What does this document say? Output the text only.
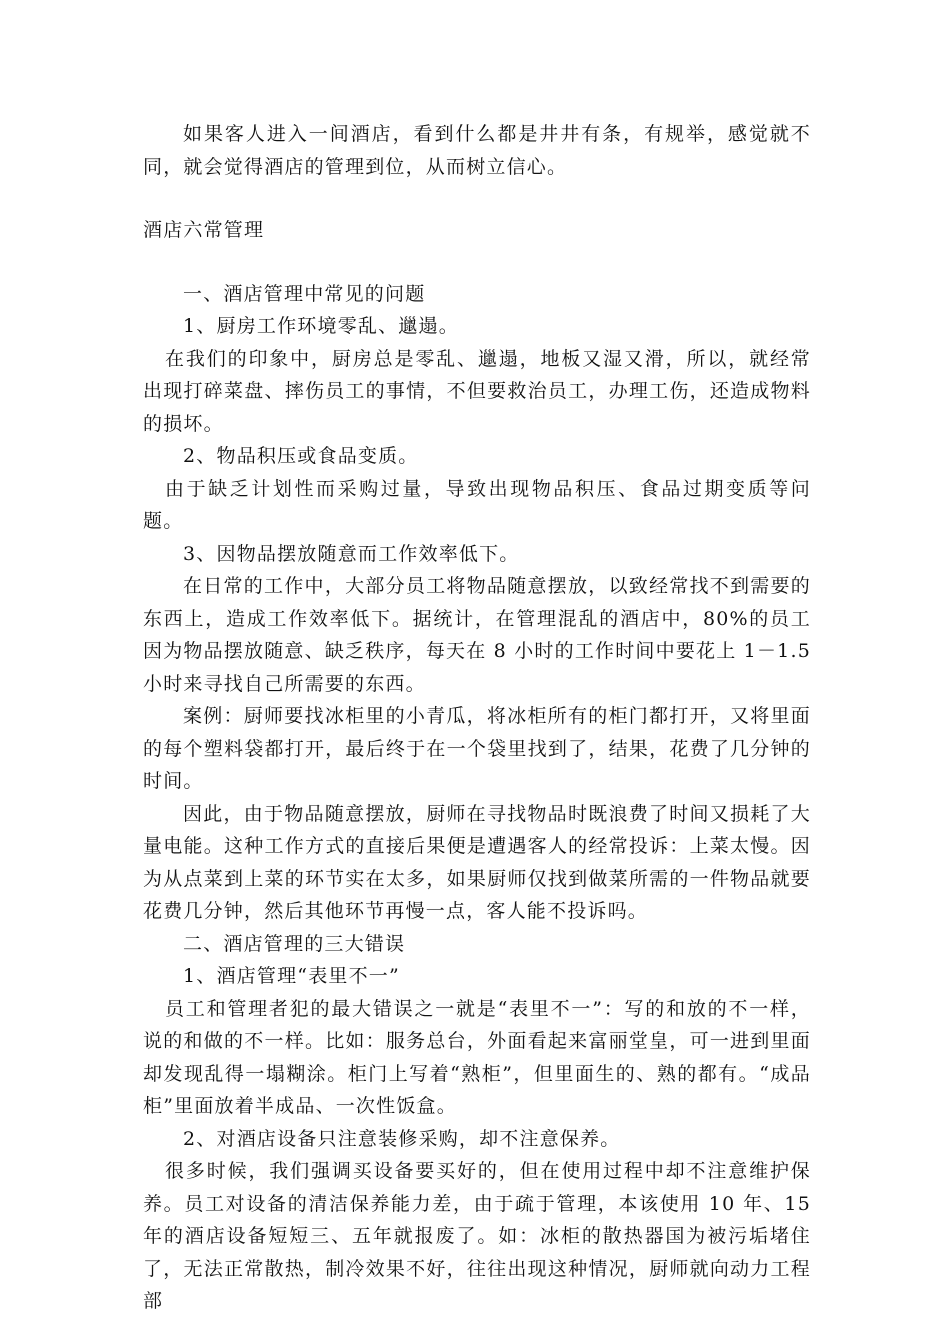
如果客人进入一间酒店，看到什么都是井井有条，有规举，感觉就不同，就会觉得酒店的管理到位，从而树立信心。

酒店六常管理

一、酒店管理中常见的问题

1、厨房工作环境零乱、邋遢。

在我们的印象中，厨房总是零乱、邋遢，地板又湿又滑，所以，就经常出现打碎菜盘、摔伤员工的事情，不但要救治员工，办理工伤，还造成物料的损坏。

2、物品积压或食品变质。

由于缺乏计划性而采购过量，导致出现物品积压、食品过期变质等问题。

3、因物品摆放随意而工作效率低下。

在日常的工作中，大部分员工将物品随意摆放，以致经常找不到需要的东西上，造成工作效率低下。据统计，在管理混乱的酒店中，80%的员工因为物品摆放随意、缺乏秩序，每天在 8 小时的工作时间中要花上 1－1.5 小时来寻找自己所需要的东西。

案例：厨师要找冰柜里的小青瓜，将冰柜所有的柜门都打开，又将里面的每个塑料袋都打开，最后终于在一个袋里找到了，结果，花费了几分钟的时间。

因此，由于物品随意摆放，厨师在寻找物品时既浪费了时间又损耗了大量电能。这种工作方式的直接后果便是遭遇客人的经常投诉：上菜太慢。因为从点菜到上菜的环节实在太多，如果厨师仅找到做菜所需的一件物品就要花费几分钟，然后其他环节再慢一点，客人能不投诉吗。

二、酒店管理的三大错误

1、酒店管理“表里不一”

员工和管理者犯的最大错误之一就是“表里不一”：写的和放的不一样，说的和做的不一样。比如：服务总台，外面看起来富丽堂皇，可一进到里面却发现乱得一塌糊涂。柜门上写着“熟柜”，但里面生的、熟的都有。“成品柜”里面放着半成品、一次性饭盒。

2、对酒店设备只注意装修采购，却不注意保养。

很多时候，我们强调买设备要买好的，但在使用过程中却不注意维护保养。员工对设备的清洁保养能力差，由于疏于管理，本该使用 10 年、15 年的酒店设备短短三、五年就报废了。如：冰柜的散热器国为被污垢堵住了，无法正常散热，制冷效果不好，往往出现这种情况，厨师就向动力工程部
